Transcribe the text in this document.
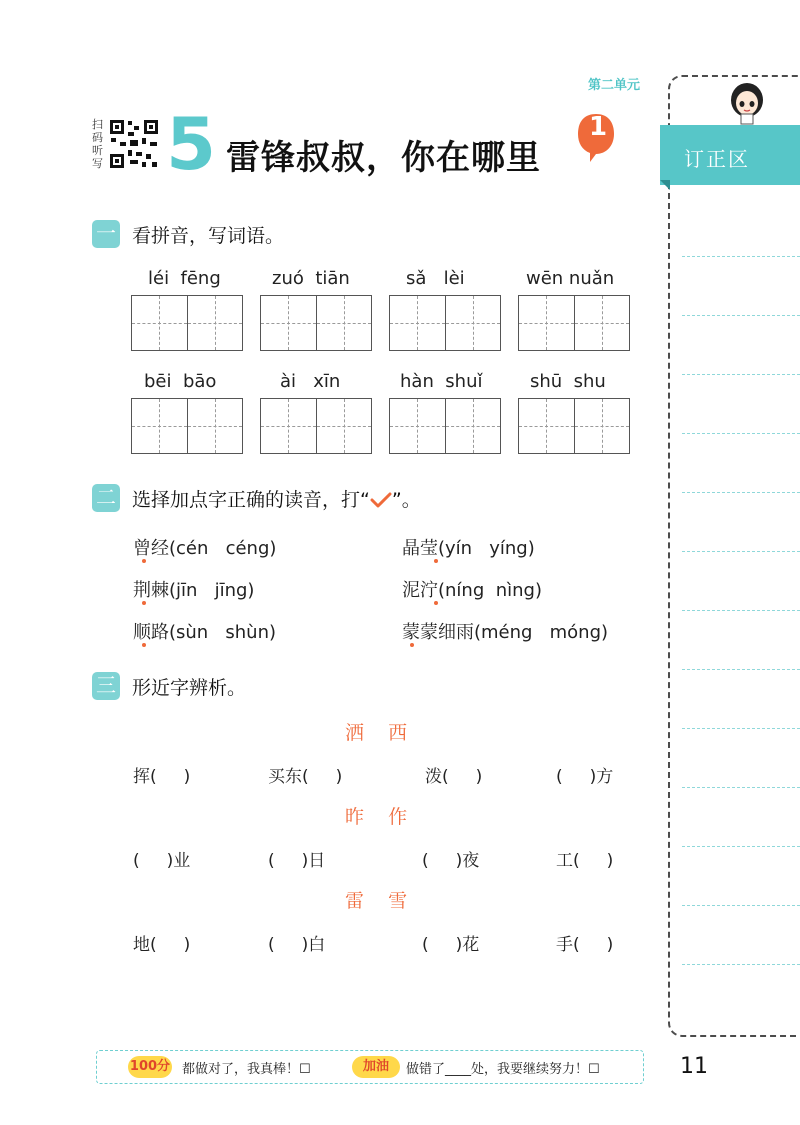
第二单元
扫码听写 5 雷锋叔叔，你在哪里
1
订正区
一 看拼音，写词语。
léi  fēng	zuó  tiān	sǎ   lèi	wēn nuǎn
bēi  bāo	ài   xīn	hàn  shuǐ	shū  shu
二 选择加点字正确的读音，打“ ”。
曾经(cén   céng)	晶莹(yín   yíng)
荆棘(jīn   jīng)	泥泞(níng  nìng)
顺路(sùn   shùn)	蒙蒙细雨(méng   móng)
三 形近字辨析。
洒    西
挥(     )	买东(     )	泼(     )	(     )方
昨    作
(     )业	(     )日	(     )夜	工(     )
雷    雪
地(     )	(     )白	(     )花	手(     )
100分 都做对了，我真棒！☐	加油	做错了____处，我要继续努力！☐	11
